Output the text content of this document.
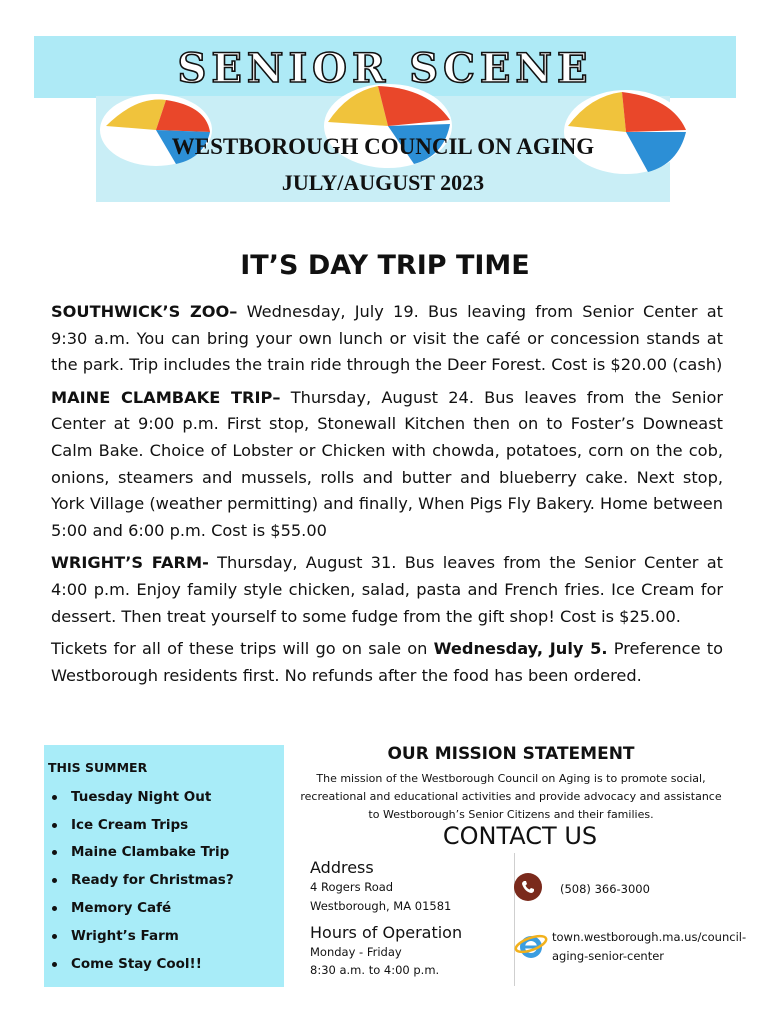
SENIOR SCENE
WESTBOROUGH COUNCIL ON AGING
JULY/AUGUST 2023
IT’S DAY TRIP TIME

SOUTHWICK’S ZOO– Wednesday, July 19. Bus leaving from Senior Center at 9:30 a.m. You can bring your own lunch or visit the café or concession stands at the park. Trip includes the train ride through the Deer Forest. Cost is $20.00 (cash)

MAINE CLAMBAKE TRIP– Thursday, August 24. Bus leaves from the Senior Center at 9:00 p.m. First stop, Stonewall Kitchen then on to Foster’s Downeast Calm Bake. Choice of Lobster or Chicken with chowda, potatoes, corn on the cob, onions, steamers and mussels, rolls and butter and blueberry cake. Next stop, York Village (weather permitting) and finally, When Pigs Fly Bakery. Home between 5:00 and 6:00 p.m. Cost is $55.00

WRIGHT’S FARM- Thursday, August 31. Bus leaves from the Senior Center at 4:00 p.m. Enjoy family style chicken, salad, pasta and French fries. Ice Cream for dessert. Then treat yourself to some fudge from the gift shop! Cost is $25.00.

Tickets for all of these trips will go on sale on Wednesday, July 5. Preference to Westborough residents first. No refunds after the food has been ordered.

Tuesday Night Out
Ice Cream Trips
Maine Clambake Trip
Ready for Christmas?
Memory Café
Wright’s Farm
Come Stay Cool!!
THIS SUMMER
OUR MISSION STATEMENT
The mission of the Westborough Council on Aging is to promote social, recreational and educational activities and provide advocacy and assistance to Westborough’s Senior Citizens and their families.
CONTACT US
Address
4 Rogers Road
Westborough, MA 01581
Hours of Operation
Monday - Friday
8:30 a.m. to 4:00 p.m.
(508) 366-3000
town.westborough.ma.us/council-
aging-senior-center
